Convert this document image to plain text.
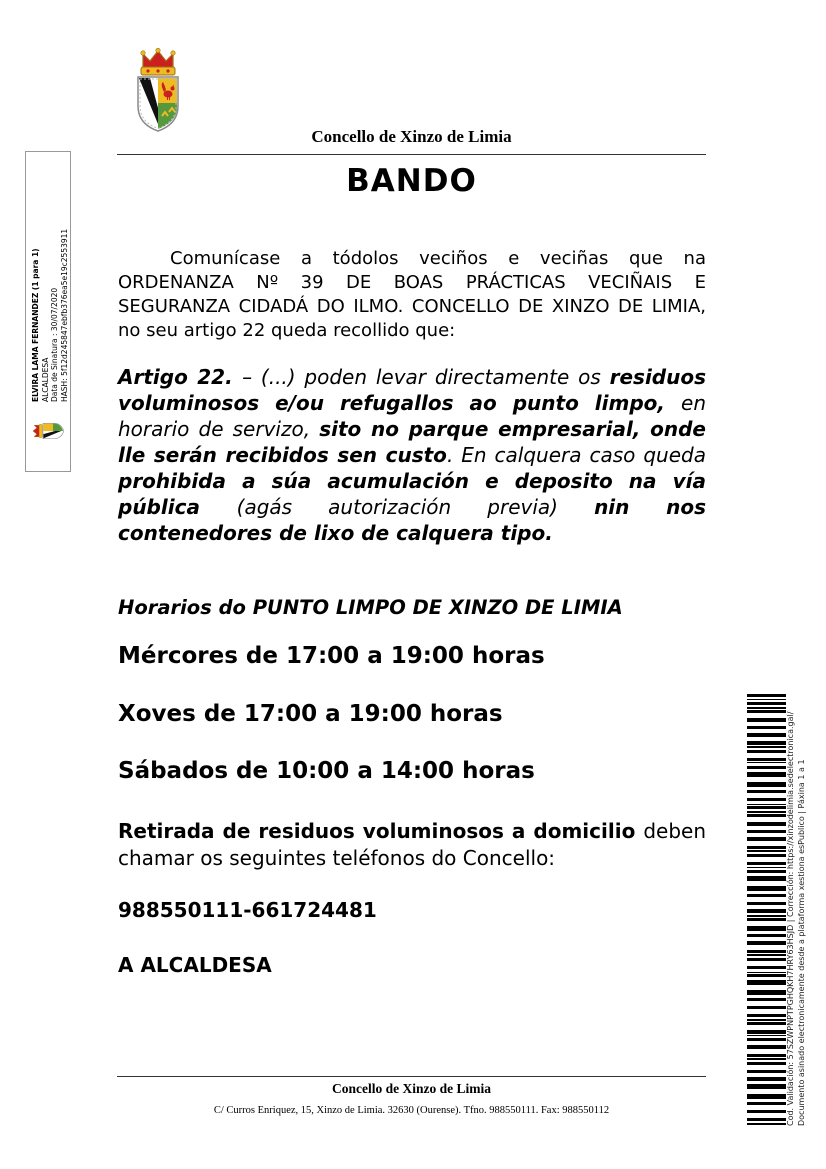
Concello de Xinzo de Limia
BANDO

Comunícase a tódolos veciños e veciñas que na ORDENANZA Nº 39 DE BOAS PRÁCTICAS VECIÑAIS E SEGURANZA CIDADÁ DO ILMO. CONCELLO DE XINZO DE LIMIA, no seu artigo 22 queda recollido que:

Artigo 22. – (...) poden levar directamente os residuos voluminosos e/ou refugallos ao punto limpo, en horario de servizo, sito no parque empresarial, onde lle serán recibidos sen custo. En calquera caso queda prohibida a súa acumulación e deposito na vía pública (agás autorización previa) nin nos contenedores de lixo de calquera tipo.

Horarios do PUNTO LIMPO DE XINZO DE LIMIA
Mércores de 17:00 a 19:00 horas
Xoves de 17:00 a 19:00 horas
Sábados de 10:00 a 14:00 horas

Retirada de residuos voluminosos a domicilio deben chamar os seguintes teléfonos do Concello:

988550111-661724481
A ALCALDESA
Concello de Xinzo de Limia
C/ Curros Enriquez, 15, Xinzo de Limia. 32630 (Ourense). Tfno. 988550111. Fax: 988550112
ELVIRA LAMA FERNANDEZ (1 para 1) ALCALDESA Data de Sinatura : 30/07/2020 HASH: 5f12d245847ebfb376ea5e19c2553911
Cod. Validación: 57SZWPNPTPGHQKH7HRY63HSJD | Corrección: https://xinzodelimia.sedelectronica.gal/ Documento asinado electronicamente desde a plataforma xestiona esPublico | Páxina 1 a 1
